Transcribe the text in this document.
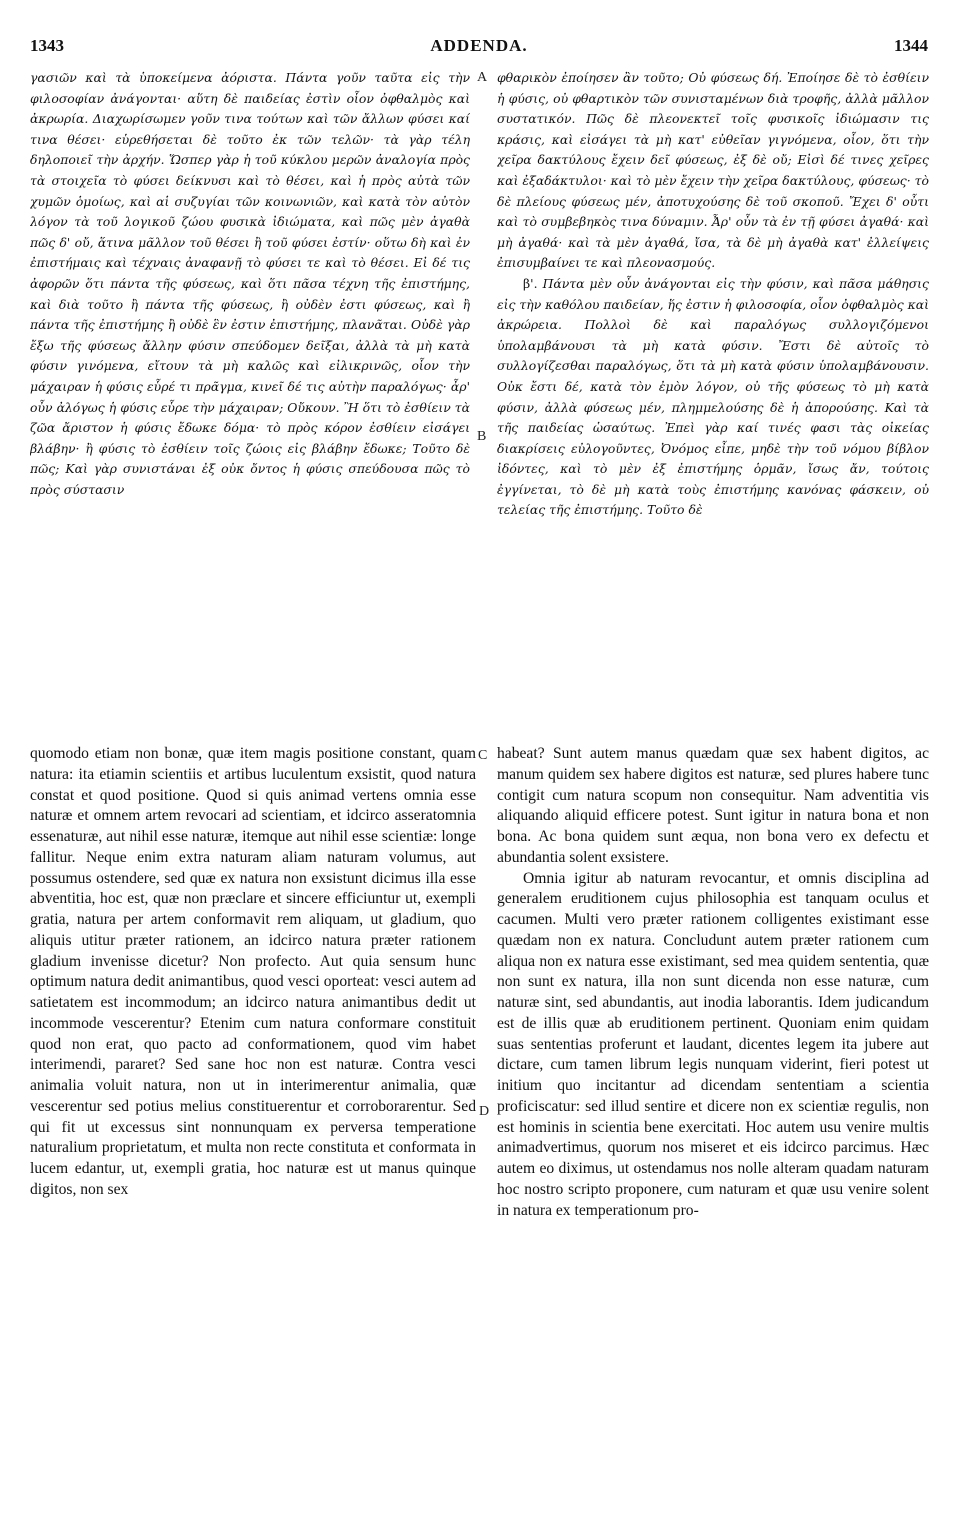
1343	ADDENDA.	1344
A
B
C
D

γασιῶν καὶ τὰ ὑποκείμενα ἀόριστα. Πάντα γοῦν ταῦτα εἰς τὴν φιλοσοφίαν ἀνάγονται· αὕτη δὲ παιδείας ἐστὶν οἷον ὀφθαλμὸς καὶ ἀκρωρία. Διαχωρίσωμεν γοῦν τινα τούτων καὶ τῶν ἄλλων φύσει καί τινα θέσει· εὑρεθήσεται δὲ τοῦτο ἐκ τῶν τελῶν· τὰ γὰρ τέλη δηλοποιεῖ τὴν ἀρχήν. Ὥσπερ γὰρ ἡ τοῦ κύκλου μερῶν ἀναλογία πρὸς τὰ στοιχεῖα τὸ φύσει δείκνυσι καὶ τὸ θέσει, καὶ ἡ πρὸς αὐτὰ τῶν χυμῶν ὁμοίως, καὶ αἱ συζυγίαι τῶν κοινωνιῶν, καὶ κατὰ τὸν αὐτὸν λόγον τὰ τοῦ λογικοῦ ζώου φυσικὰ ἰδιώματα, καὶ πῶς μὲν ἀγαθὰ πῶς δ' οὔ, ἅτινα μᾶλλον τοῦ θέσει ἢ τοῦ φύσει ἐστίν· οὕτω δὴ καὶ ἐν ἐπιστήμαις καὶ τέχναις ἀναφανῇ τὸ φύσει τε καὶ τὸ θέσει. Εἰ δέ τις ἀφορῶν ὅτι πάντα τῆς φύσεως, καὶ ὅτι πᾶσα τέχνη τῆς ἐπιστήμης, καὶ διὰ τοῦτο ἢ πάντα τῆς φύσεως, ἢ οὐδὲν ἐστι φύσεως, καὶ ἢ πάντα τῆς ἐπιστήμης ἢ οὐδὲ ἓν ἐστιν ἐπιστήμης, πλανᾶται. Οὐδὲ γὰρ ἔξω τῆς φύσεως ἄλλην φύσιν σπεύδομεν δεῖξαι, ἀλλὰ τὰ μὴ κατὰ φύσιν γινόμενα, εἴτουν τὰ μὴ καλῶς καὶ εἰλικρινῶς, οἷον τὴν μάχαιραν ἡ φύσις εὗρέ τι πρᾶγμα, κινεῖ δέ τις αὐτὴν παραλόγως· ἆρ' οὖν ἀλόγως ἡ φύσις εὗρε τὴν μάχαιραν; Οὔκουν. Ἢ ὅτι τὸ ἐσθίειν τὰ ζῶα ἄριστον ἡ φύσις ἔδωκε δόμα· τὸ πρὸς κόρον ἐσθίειν εἰσάγει βλάβην· ἢ φύσις τὸ ἐσθίειν τοῖς ζώοις εἰς βλάβην ἔδωκε; Τοῦτο δὲ πῶς; Καὶ γὰρ συνιστάναι ἐξ οὐκ ὄντος ἡ φύσις σπεύδουσα πῶς τὸ πρὸς σύστασιν

φθαρικὸν ἐποίησεν ἂν τοῦτο; Οὐ φύσεως δή. Ἐποίησε δὲ τὸ ἐσθίειν ἡ φύσις, οὐ φθαρτικὸν τῶν συνισταμένων διὰ τροφῆς, ἀλλὰ μᾶλλον συστατικόν. Πῶς δὲ πλεονεκτεῖ τοῖς φυσικοῖς ἰδιώμασιν τις κράσις, καὶ εἰσάγει τὰ μὴ κατ' εὐθεῖαν γιγνόμενα, οἷον, ὅτι τὴν χεῖρα δακτύλους ἔχειν δεῖ φύσεως, ἐξ δὲ οὔ; Εἰσὶ δέ τινες χεῖρες καὶ ἐξαδάκτυλοι· καὶ τὸ μὲν ἔχειν τὴν χεῖρα δακτύλους, φύσεως· τὸ δὲ πλείους φύσεως μέν, ἀποτυχούσης δὲ τοῦ σκοποῦ. Ἔχει δ' οὖτι καὶ τὸ συμβεβηκὸς τινα δύναμιν. Ἆρ' οὖν τὰ ἐν τῇ φύσει ἀγαθά· καὶ μὴ ἀγαθά· καὶ τὰ μὲν ἀγαθά, ἴσα, τὰ δὲ μὴ ἀγαθὰ κατ' ἐλλείψεις ἐπισυμβαίνει τε καὶ πλεονασμούς.

β'. Πάντα μὲν οὖν ἀνάγονται εἰς τὴν φύσιν, καὶ πᾶσα μάθησις εἰς τὴν καθόλου παιδείαν, ἥς ἐστιν ἡ φιλοσοφία, οἷον ὀφθαλμὸς καὶ ἀκρώρεια. Πολλοὶ δὲ καὶ παραλόγως συλλογιζόμενοι ὑπολαμβάνουσι τὰ μὴ κατὰ φύσιν. Ἔστι δὲ αὐτοῖς τὸ συλλογίζεσθαι παραλόγως, ὅτι τὰ μὴ κατὰ φύσιν ὑπολαμβάνουσιν. Οὐκ ἔστι δέ, κατὰ τὸν ἐμὸν λόγον, οὐ τῆς φύσεως τὸ μὴ κατὰ φύσιν, ἀλλὰ φύσεως μέν, πλημμελούσης δὲ ἡ ἀπορούσης. Καὶ τὰ τῆς παιδείας ὡσαύτως. Ἐπεὶ γὰρ καί τινές φασι τὰς οἰκείας διακρίσεις εὐλογοῦντες, Ὀνόμος εἶπε, μηδὲ τὴν τοῦ νόμου βίβλον ἰδόντες, καὶ τὸ μὲν ἐξ ἐπιστήμης ὁρμᾶν, ἴσως ἄν, τούτοις ἐγγίνεται, τὸ δὲ μὴ κατὰ τοὺς ἐπιστήμης κανόνας φάσκειν, οὐ τελείας τῆς ἐπιστήμης. Τοῦτο δὲ

quomodo etiam non bonæ, quæ item magis positione constant, quam natura: ita etiamin scientiis et artibus luculentum exsistit, quod natura constat et quod positione. Quod si quis animad vertens omnia esse naturæ et omnem artem revocari ad scientiam, et idcirco asseratomnia essenaturæ, aut nihil esse naturæ, itemque aut nihil esse scientiæ: longe fallitur. Neque enim extra naturam aliam naturam volumus, aut possumus ostendere, sed quæ ex natura non exsistunt dicimus illa esse abventitia, hoc est, quæ non præclare et sincere efficiuntur ut, exempli gratia, natura per artem conformavit rem aliquam, ut gladium, quo aliquis utitur præter rationem, an idcirco natura præter rationem gladium invenisse dicetur? Non profecto. Aut quia sensum hunc optimum natura dedit animantibus, quod vesci oporteat: vesci autem ad satietatem est incommodum; an idcirco natura animantibus dedit ut incommode vescerentur? Etenim cum natura conformare constituit quod non erat, quo pacto ad conformationem, quod vim habet interimendi, pararet? Sed sane hoc non est naturæ. Contra vesci animalia voluit natura, non ut in interimerentur animalia, quæ vescerentur sed potius melius constituerentur et corroborarentur. Sed qui fit ut excessus sint nonnunquam ex perversa temperatione naturalium proprietatum, et multa non recte constituta et conformata in lucem edantur, ut, exempli gratia, hoc naturæ est ut manus quinque digitos, non sex

habeat? Sunt autem manus quædam quæ sex habent digitos, ac manum quidem sex habere digitos est naturæ, sed plures habere tunc contigit cum natura scopum non consequitur. Nam adventitia vis aliquando aliquid efficere potest. Sunt igitur in natura bona et non bona. Ac bona quidem sunt æqua, non bona vero ex defectu et abundantia solent exsistere.

Omnia igitur ab naturam revocantur, et omnis disciplina ad generalem eruditionem cujus philosophia est tanquam oculus et cacumen. Multi vero præter rationem colligentes existimant esse quædam non ex natura. Concludunt autem præter rationem cum aliqua non ex natura esse existimant, sed mea quidem sententia, quæ non sunt ex natura, illa non sunt dicenda non esse naturæ, cum naturæ sint, sed abundantis, aut inodia laborantis. Idem judicandum est de illis quæ ab eruditionem pertinent. Quoniam enim quidam suas sententias proferunt et laudant, dicentes legem ita jubere aut dictare, cum tamen librum legis nunquam viderint, fieri potest ut initium quo incitantur ad dicendam sententiam a scientia proficiscatur: sed illud sentire et dicere non ex scientiæ regulis, non est hominis in scientia bene exercitati. Hoc autem usu venire multis animadvertimus, quorum nos miseret et eis idcirco parcimus. Hæc autem eo diximus, ut ostendamus nos nolle alteram quadam naturam hoc nostro scripto proponere, cum naturam et quæ usu venire solent in natura ex temperationum pro-
